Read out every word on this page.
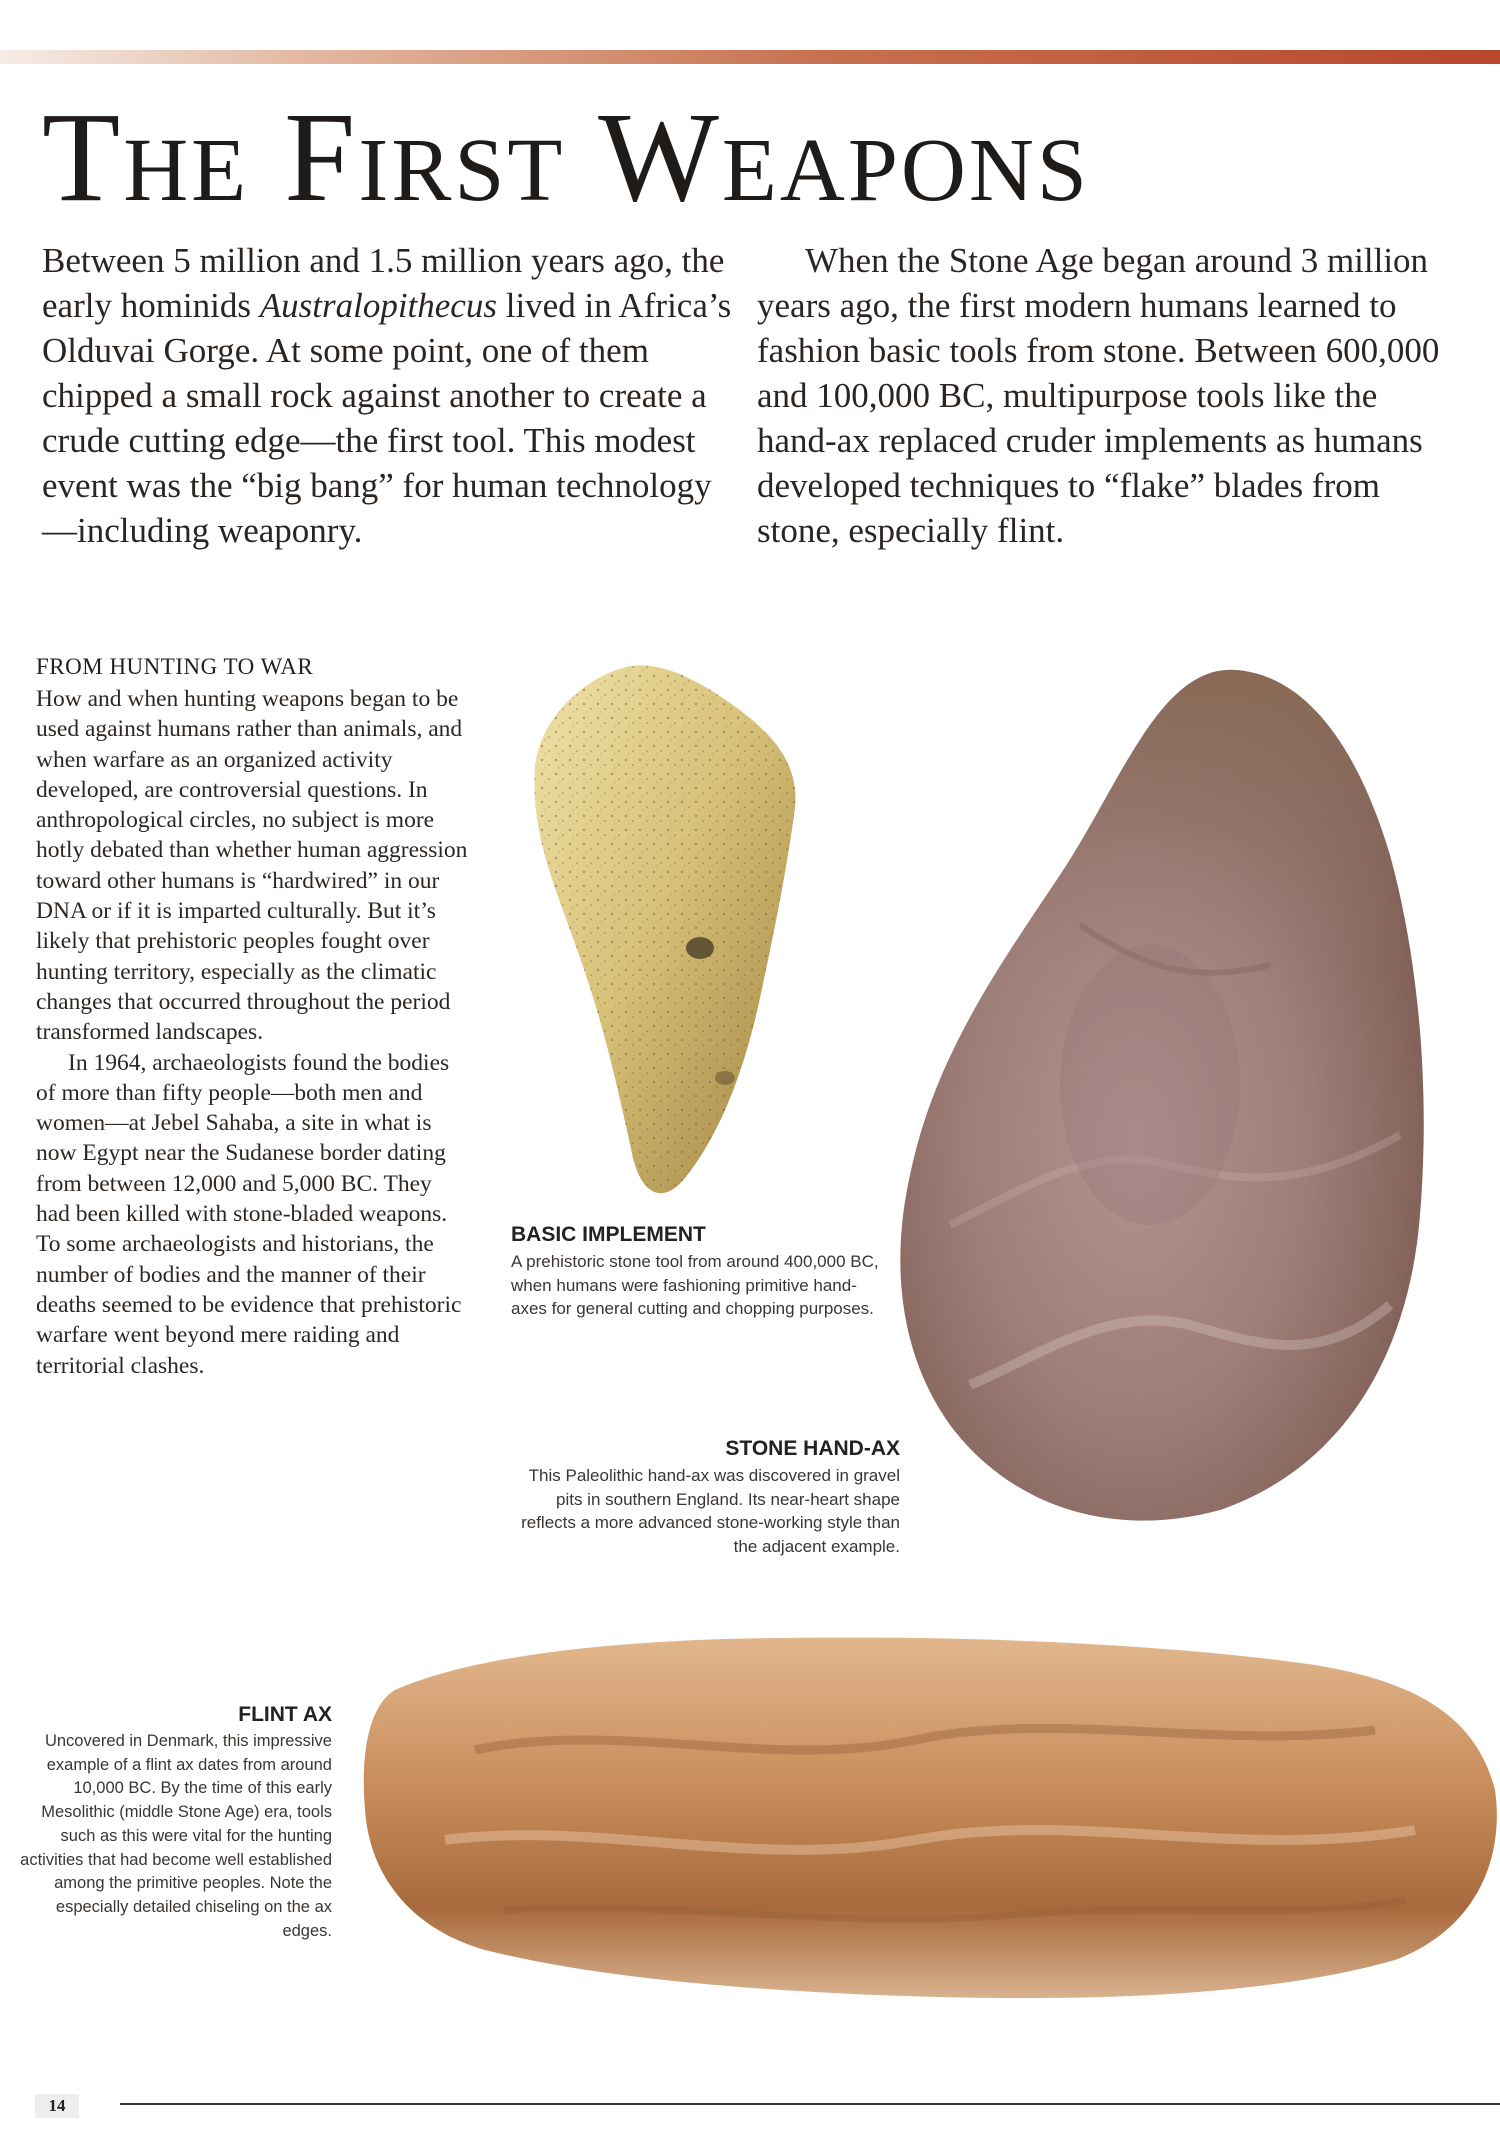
The First Weapons

Between 5 million and 1.5 million years ago, the early hominids Australopithecus lived in Africa’s Olduvai Gorge. At some point, one of them chipped a small rock against another to create a crude cutting edge—the first tool. This modest event was the “big bang” for human technology—including weaponry.

When the Stone Age began around 3 million years ago, the first modern humans learned to fashion basic tools from stone. Between 600,000 and 100,000 BC, multipurpose tools like the hand-ax replaced cruder implements as humans developed techniques to “flake” blades from stone, especially flint.

FROM HUNTING TO WAR

How and when hunting weapons began to be used against humans rather than animals, and when warfare as an organized activity developed, are controversial questions. In anthropological circles, no subject is more hotly debated than whether human aggression toward other humans is “hardwired” in our DNA or if it is imparted culturally. But it’s likely that prehistoric peoples fought over hunting territory, especially as the climatic changes that occurred throughout the period transformed landscapes.

In 1964, archaeologists found the bodies of more than fifty people—both men and women—at Jebel Sahaba, a site in what is now Egypt near the Sudanese border dating from between 12,000 and 5,000 BC. They had been killed with stone-bladed weapons. To some archaeologists and historians, the number of bodies and the manner of their deaths seemed to be evidence that prehistoric warfare went beyond mere raiding and territorial clashes.

BASIC IMPLEMENT

A prehistoric stone tool from around 400,000 BC, when humans were fashioning primitive hand-axes for general cutting and chopping purposes.

STONE HAND-AX

This Paleolithic hand-ax was discovered in gravel pits in southern England. Its near-heart shape reflects a more advanced stone-working style than the adjacent example.

FLINT AX

Uncovered in Denmark, this impressive example of a flint ax dates from around 10,000 BC. By the time of this early Mesolithic (middle Stone Age) era, tools such as this were vital for the hunting activities that had become well established among the primitive peoples. Note the especially detailed chiseling on the ax edges.

14
